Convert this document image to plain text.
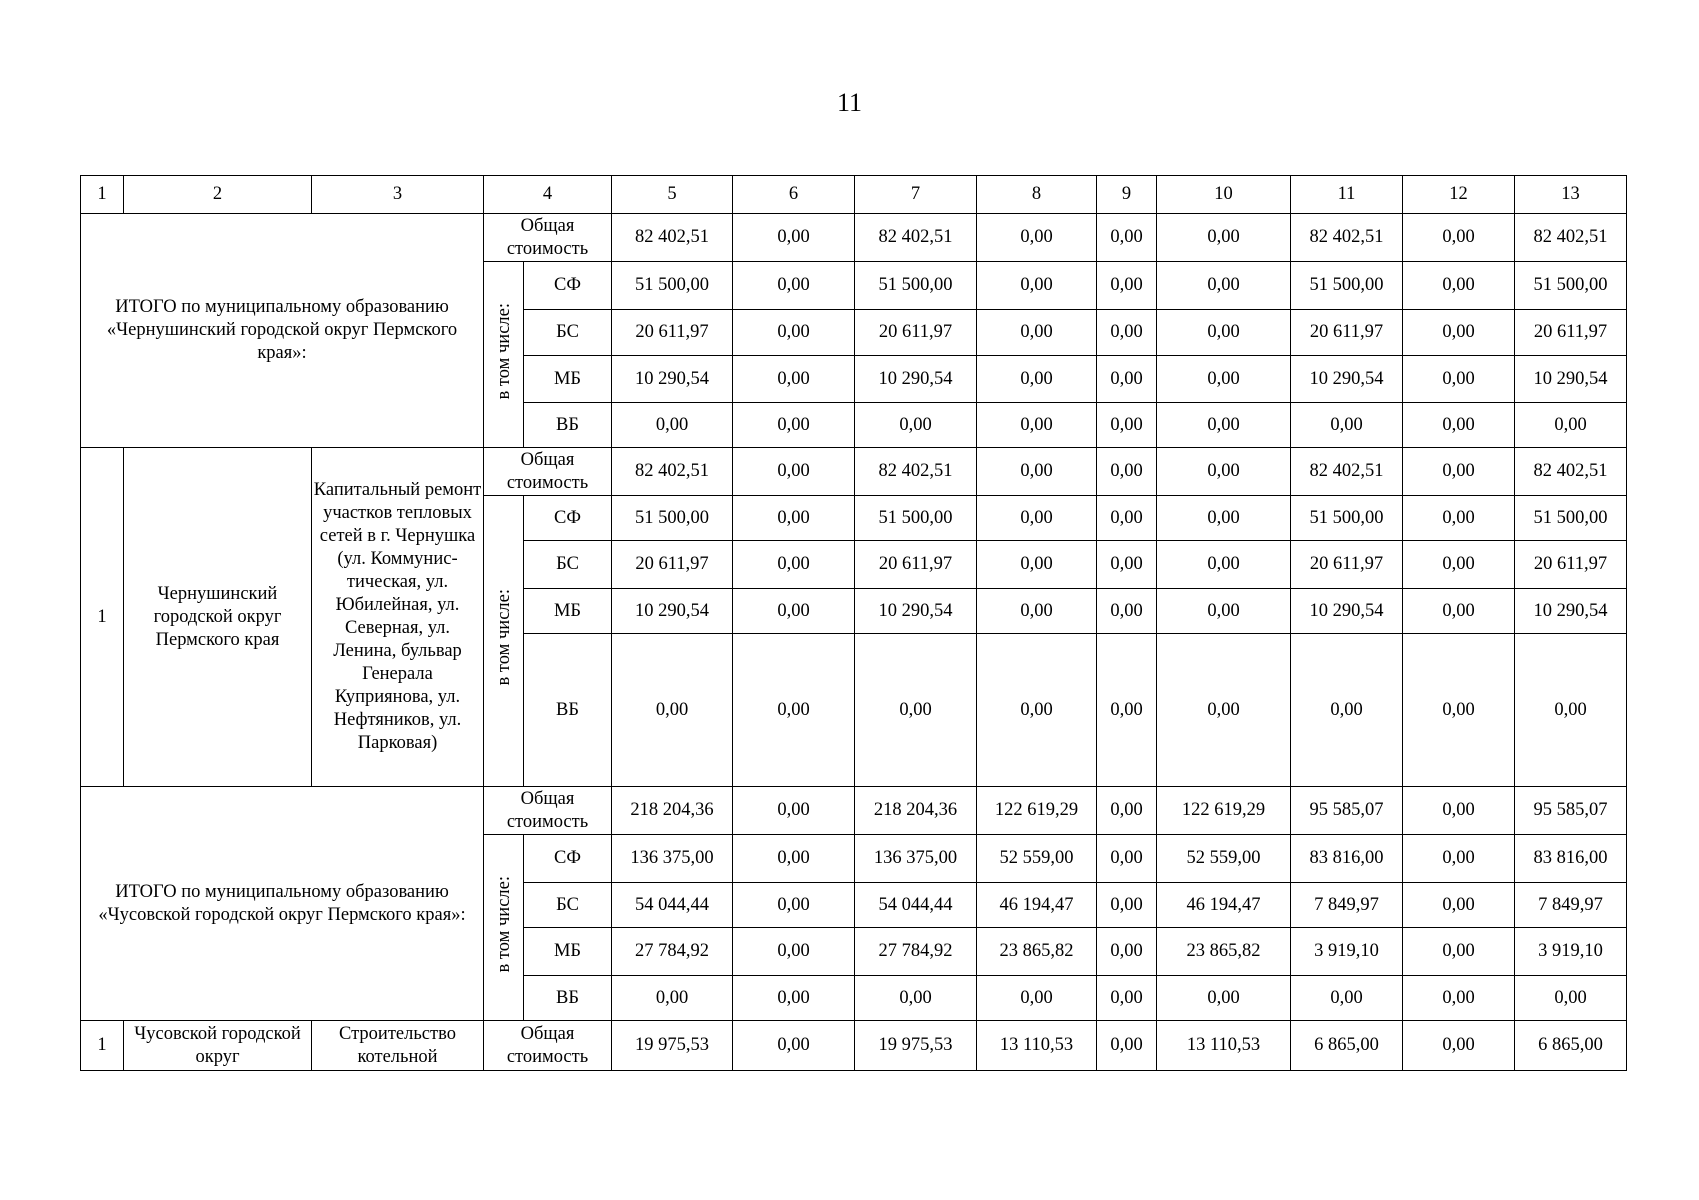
11
1	2	3	4		5	6	7	8	9	10	11	12	13
ИТОГО по муниципальному образованию «Чернушинский городской округ Пермского края»:			Общая стоимость		82 402,51	0,00	82 402,51	0,00	0,00	0,00	82 402,51	0,00	82 402,51
			в том числе:	СФ	51 500,00	0,00	51 500,00	0,00	0,00	0,00	51 500,00	0,00	51 500,00
				БС	20 611,97	0,00	20 611,97	0,00	0,00	0,00	20 611,97	0,00	20 611,97
				МБ	10 290,54	0,00	10 290,54	0,00	0,00	0,00	10 290,54	0,00	10 290,54
				ВБ	0,00	0,00	0,00	0,00	0,00	0,00	0,00	0,00	0,00
1	Чернушинский городской округ Пермского края	Капитальный ремонт участков тепловых сетей в г. Чернушка (ул. Коммунис-тическая, ул. Юбилейная, ул. Северная, ул. Ленина, бульвар Генерала Куприянова, ул. Нефтяников, ул. Парковая)	Общая стоимость		82 402,51	0,00	82 402,51	0,00	0,00	0,00	82 402,51	0,00	82 402,51
			в том числе:	СФ	51 500,00	0,00	51 500,00	0,00	0,00	0,00	51 500,00	0,00	51 500,00
				БС	20 611,97	0,00	20 611,97	0,00	0,00	0,00	20 611,97	0,00	20 611,97
				МБ	10 290,54	0,00	10 290,54	0,00	0,00	0,00	10 290,54	0,00	10 290,54
				ВБ	0,00	0,00	0,00	0,00	0,00	0,00	0,00	0,00	0,00
ИТОГО по муниципальному образованию «Чусовской городской округ Пермского края»:			Общая стоимость		218 204,36	0,00	218 204,36	122 619,29	0,00	122 619,29	95 585,07	0,00	95 585,07
			в том числе:	СФ	136 375,00	0,00	136 375,00	52 559,00	0,00	52 559,00	83 816,00	0,00	83 816,00
				БС	54 044,44	0,00	54 044,44	46 194,47	0,00	46 194,47	7 849,97	0,00	7 849,97
				МБ	27 784,92	0,00	27 784,92	23 865,82	0,00	23 865,82	3 919,10	0,00	3 919,10
				ВБ	0,00	0,00	0,00	0,00	0,00	0,00	0,00	0,00	0,00
1	Чусовской городской округ	Строительство котельной	Общая стоимость		19 975,53	0,00	19 975,53	13 110,53	0,00	13 110,53	6 865,00	0,00	6 865,00
